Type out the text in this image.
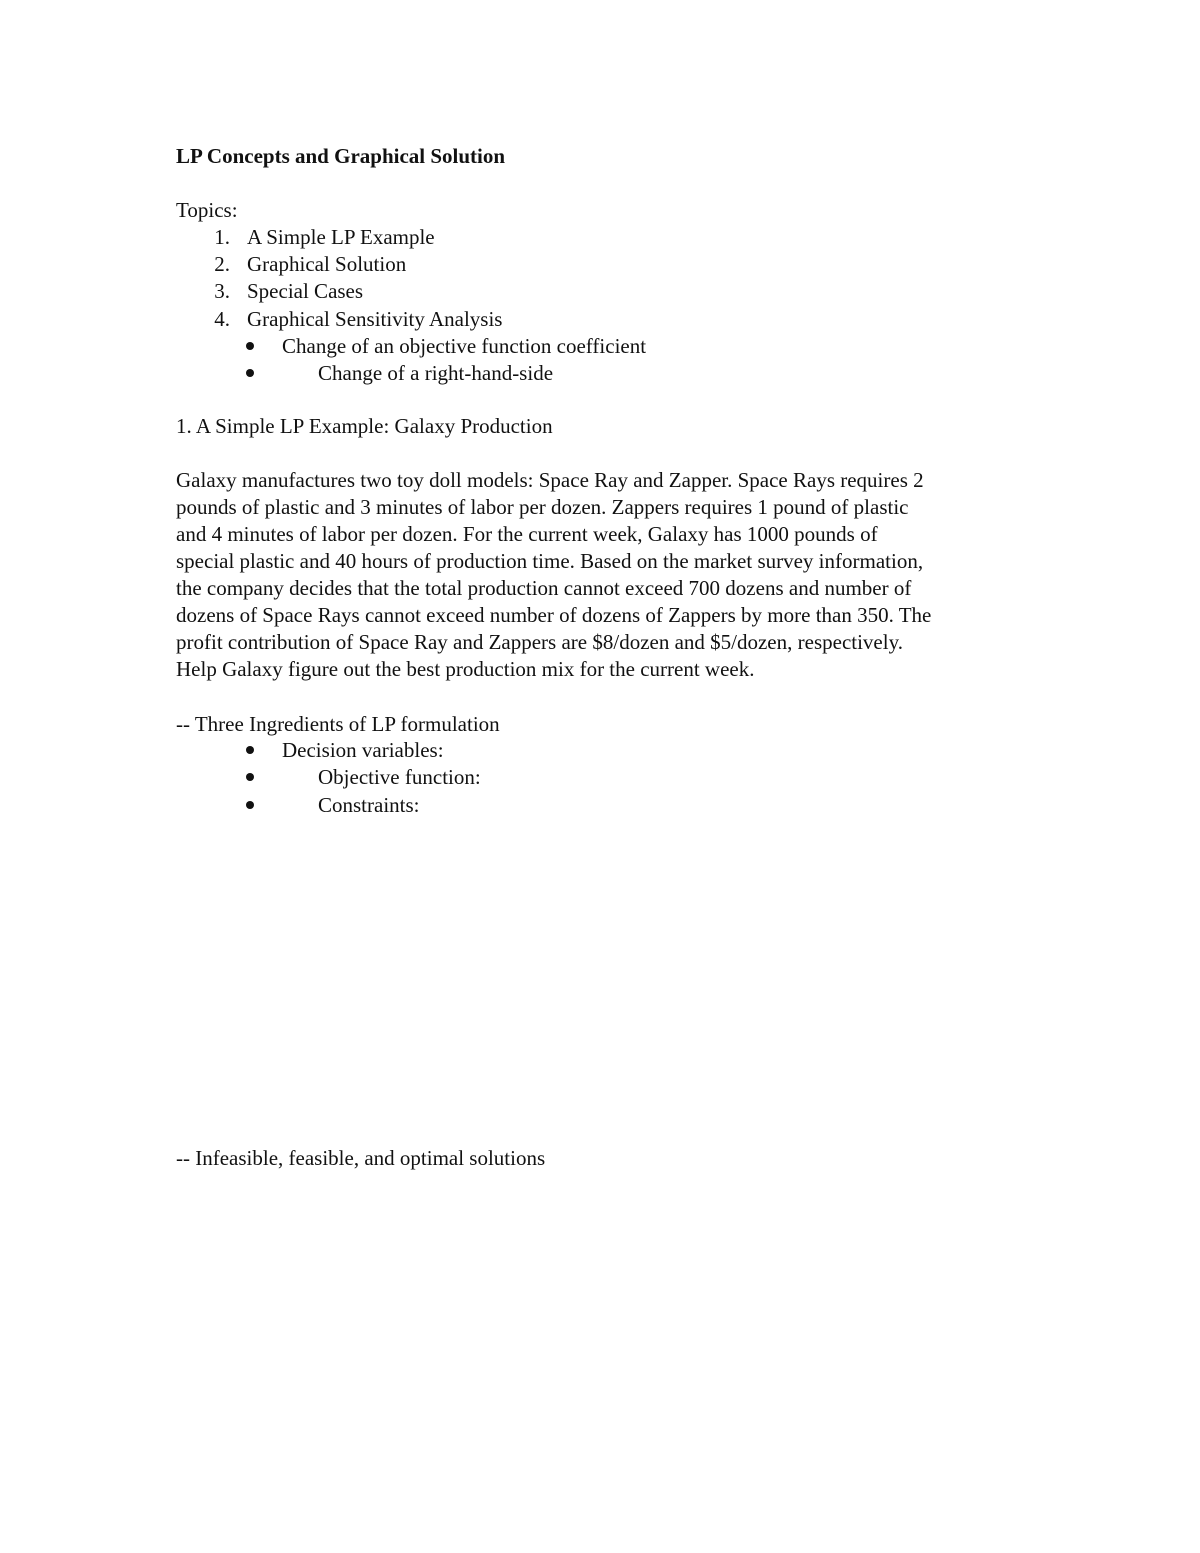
LP Concepts and Graphical Solution
Topics:
1. A Simple LP Example
2. Graphical Solution
3. Special Cases
4. Graphical Sensitivity Analysis
Change of an objective function coefficient
Change of a right-hand-side
1. A Simple LP Example: Galaxy Production
Galaxy manufactures two toy doll models: Space Ray and Zapper. Space Rays requires 2
pounds of plastic and 3 minutes of labor per dozen. Zappers requires 1 pound of plastic
and 4 minutes of labor per dozen. For the current week, Galaxy has 1000 pounds of
special plastic and 40 hours of production time. Based on the market survey information,
the company decides that the total production cannot exceed 700 dozens and number of
dozens of Space Rays cannot exceed number of dozens of Zappers by more than 350. The
profit contribution of Space Ray and Zappers are $8/dozen and $5/dozen, respectively.
Help Galaxy figure out the best production mix for the current week.
-- Three Ingredients of LP formulation
Decision variables:
Objective function:
Constraints:
-- Infeasible, feasible, and optimal solutions
